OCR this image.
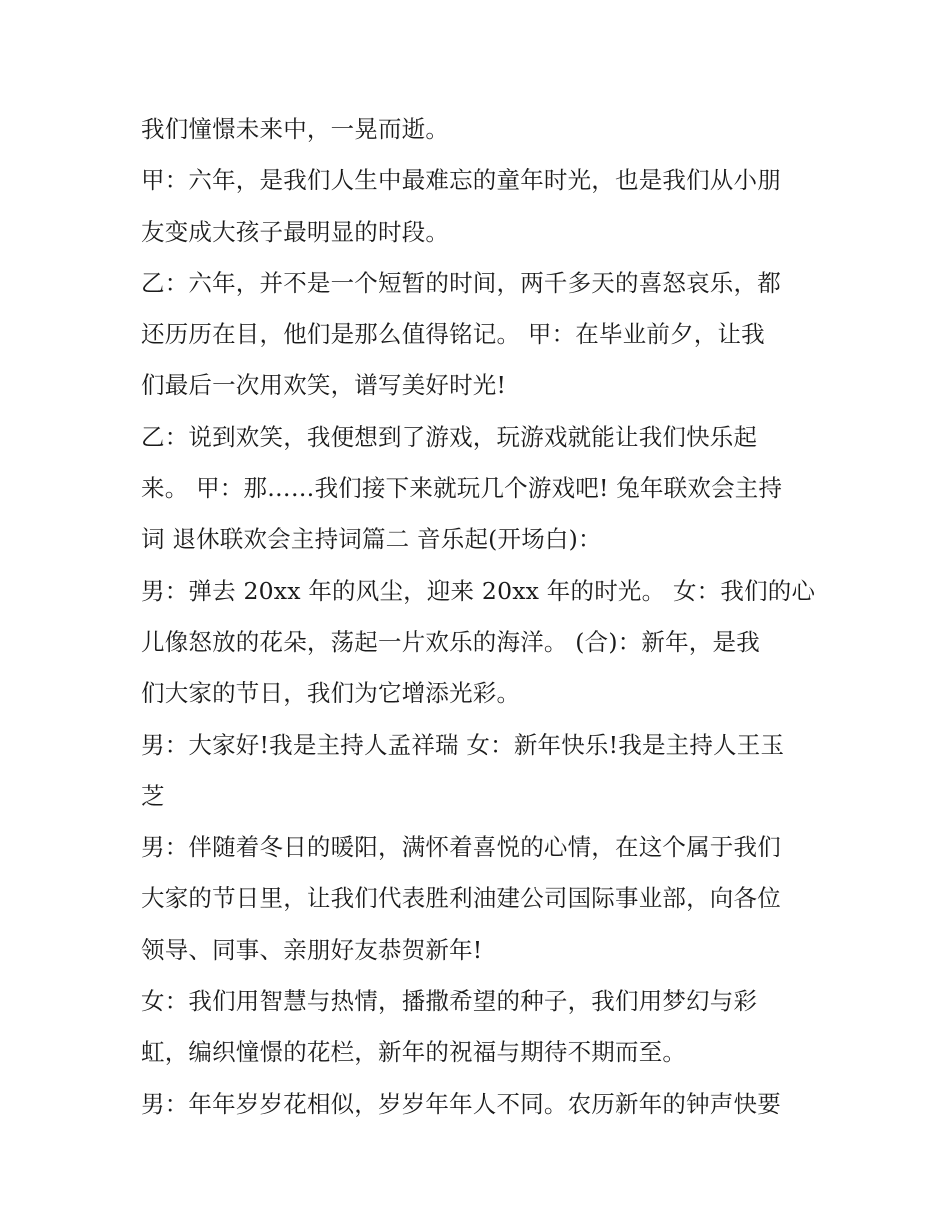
我们憧憬未来中，一晃而逝。
甲：六年，是我们人生中最难忘的童年时光，也是我们从小朋
友变成大孩子最明显的时段。
乙：六年，并不是一个短暂的时间，两千多天的喜怒哀乐，都
还历历在目，他们是那么值得铭记。 甲：在毕业前夕，让我
们最后一次用欢笑，谱写美好时光!
乙：说到欢笑，我便想到了游戏，玩游戏就能让我们快乐起
来。 甲：那……我们接下来就玩几个游戏吧! 兔年联欢会主持
词 退休联欢会主持词篇二 音乐起(开场白)：
男：弹去 20xx 年的风尘，迎来 20xx 年的时光。 女：我们的心
儿像怒放的花朵，荡起一片欢乐的海洋。 (合)：新年，是我
们大家的节日，我们为它增添光彩。
男：大家好!我是主持人孟祥瑞 女：新年快乐!我是主持人王玉
芝
男：伴随着冬日的暖阳，满怀着喜悦的心情，在这个属于我们
大家的节日里，让我们代表胜利油建公司国际事业部，向各位
领导、同事、亲朋好友恭贺新年!
女：我们用智慧与热情，播撒希望的种子，我们用梦幻与彩
虹，编织憧憬的花栏，新年的祝福与期待不期而至。
男：年年岁岁花相似，岁岁年年人不同。农历新年的钟声快要
